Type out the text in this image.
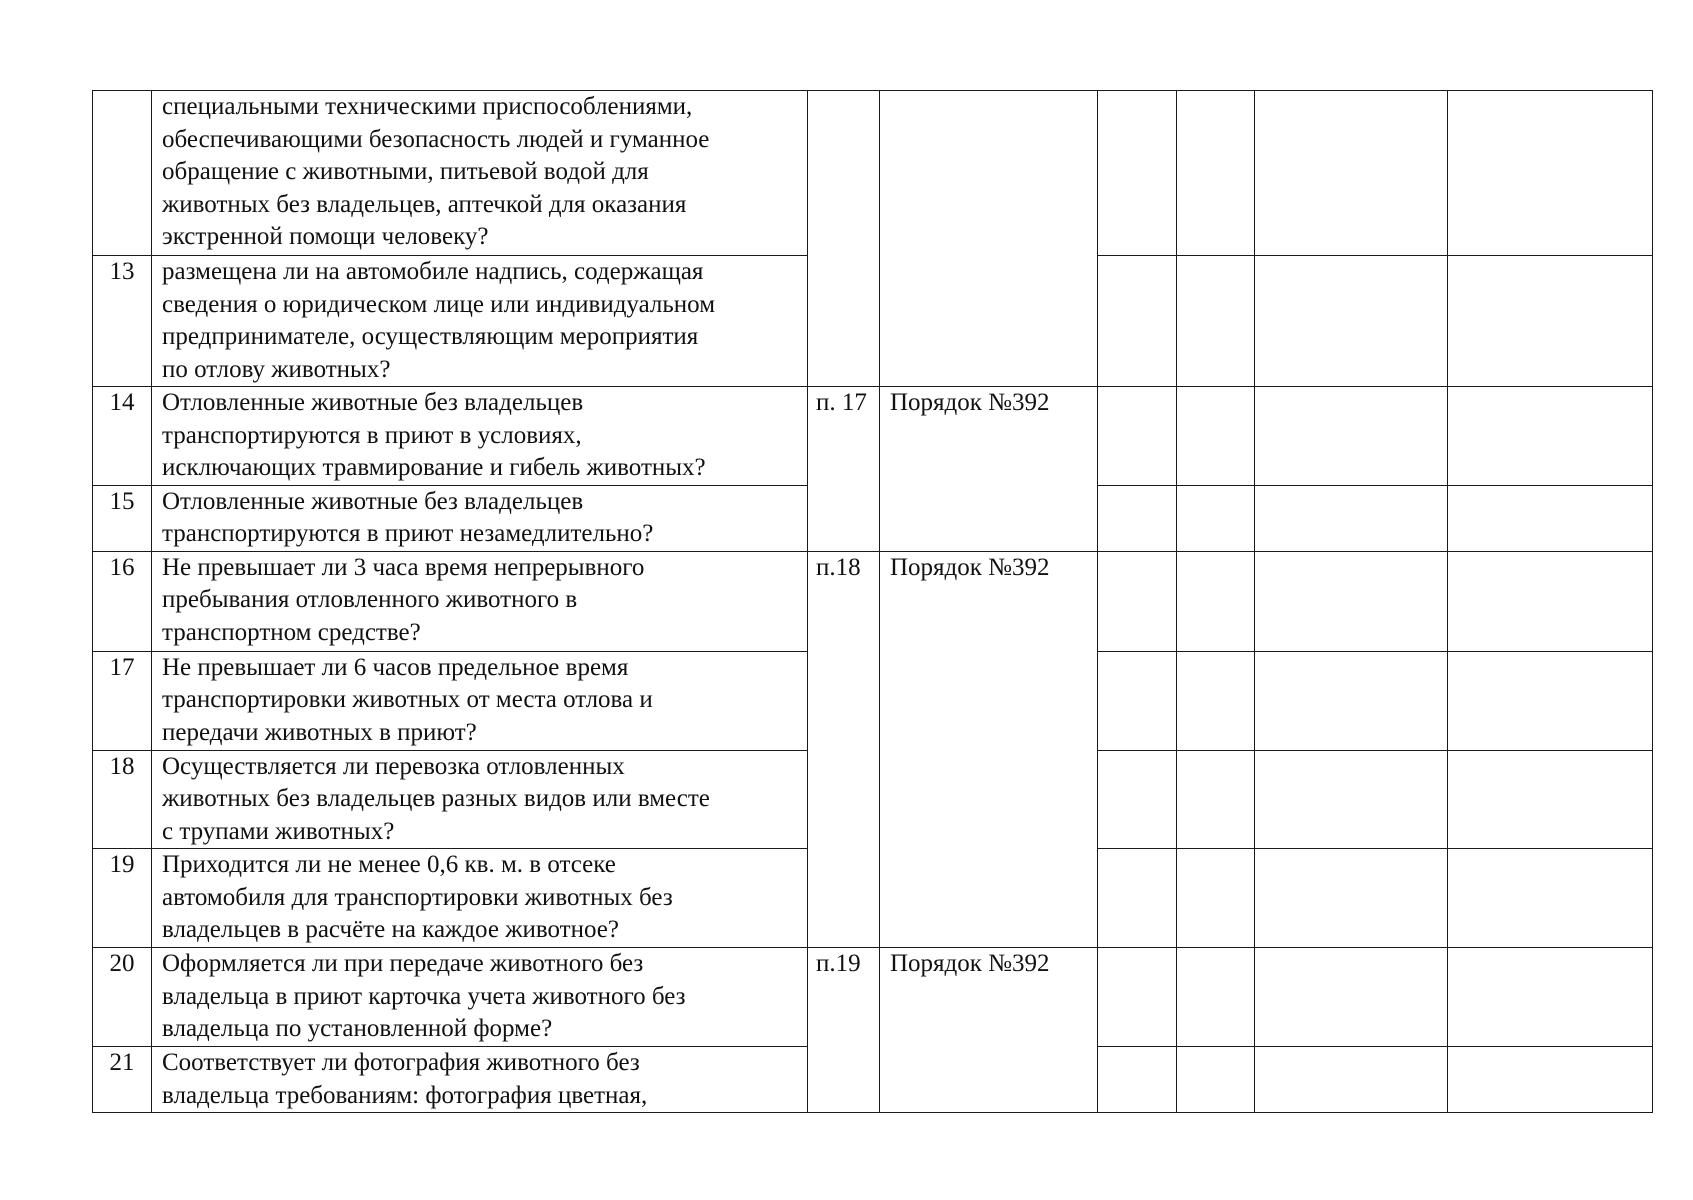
	специальными техническими приспособлениями,
обеспечивающими безопасность людей и гуманное
обращение с животными, питьевой водой для
животных без владельцев, аптечкой для оказания
экстренной помощи человеку?						

13	размещена ли на автомобиле надпись, содержащая
сведения о юридическом лице или индивидуальном
предпринимателе, осуществляющим мероприятия
по отлову животных?						

14	Отловленные животные без владельцев
транспортируются в приют в условиях,
исключающих травмирование и гибель животных?	п. 17	Порядок №392				
15	Отловленные животные без владельцев
транспортируются в приют незамедлительно?						

16	Не превышает ли 3 часа время непрерывного
пребывания отловленного животного в
транспортном средстве?	п.18	Порядок №392				
17	Не превышает ли 6 часов предельное время
транспортировки животных от места отлова и
передачи животных в приют?						

18	Осуществляется ли перевозка отловленных
животных без владельцев разных видов или вместе
с трупами животных?						

19	Приходится ли не менее 0,6 кв. м. в отсеке
автомобиля для транспортировки животных без
владельцев в расчёте на каждое животное?						

20	Оформляется ли при передаче животного без
владельца в приют карточка учета животного без
владельца по установленной форме?	п.19	Порядок №392				
21	Соответствует ли фотография животного без
владельца требованиям: фотография цветная,						
